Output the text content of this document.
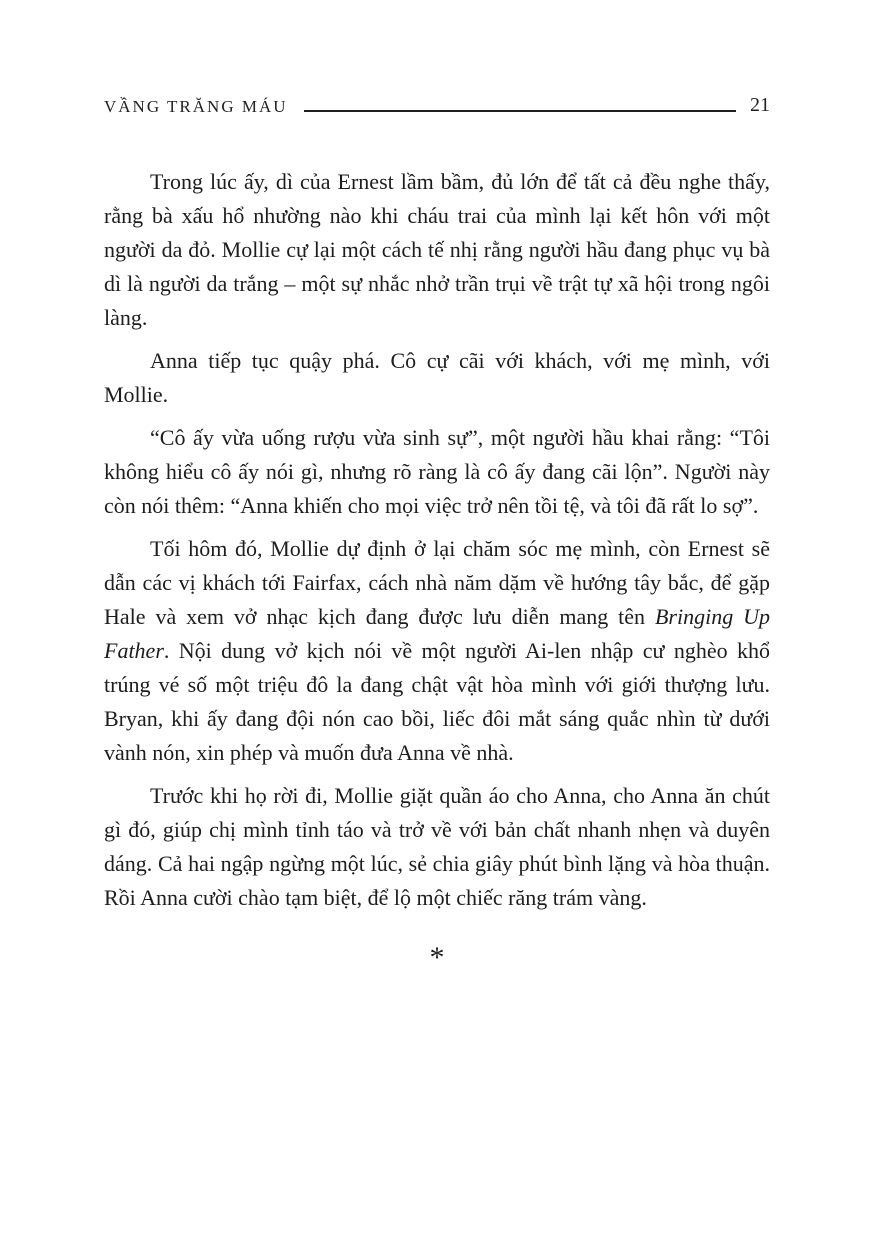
VẦNG TRĂNG MÁU	21

Trong lúc ấy, dì của Ernest lầm bầm, đủ lớn để tất cả đều nghe thấy, rằng bà xấu hổ nhường nào khi cháu trai của mình lại kết hôn với một người da đỏ. Mollie cự lại một cách tế nhị rằng người hầu đang phục vụ bà dì là người da trắng – một sự nhắc nhở trần trụi về trật tự xã hội trong ngôi làng.

Anna tiếp tục quậy phá. Cô cự cãi với khách, với mẹ mình, với Mollie.

“Cô ấy vừa uống rượu vừa sinh sự”, một người hầu khai rằng: “Tôi không hiểu cô ấy nói gì, nhưng rõ ràng là cô ấy đang cãi lộn”. Người này còn nói thêm: “Anna khiến cho mọi việc trở nên tồi tệ, và tôi đã rất lo sợ”.

Tối hôm đó, Mollie dự định ở lại chăm sóc mẹ mình, còn Ernest sẽ dẫn các vị khách tới Fairfax, cách nhà năm dặm về hướng tây bắc, để gặp Hale và xem vở nhạc kịch đang được lưu diễn mang tên Bringing Up Father. Nội dung vở kịch nói về một người Ai-len nhập cư nghèo khổ trúng vé số một triệu đô la đang chật vật hòa mình với giới thượng lưu. Bryan, khi ấy đang đội nón cao bồi, liếc đôi mắt sáng quắc nhìn từ dưới vành nón, xin phép và muốn đưa Anna về nhà.

Trước khi họ rời đi, Mollie giặt quần áo cho Anna, cho Anna ăn chút gì đó, giúp chị mình tỉnh táo và trở về với bản chất nhanh nhẹn và duyên dáng. Cả hai ngập ngừng một lúc, sẻ chia giây phút bình lặng và hòa thuận. Rồi Anna cười chào tạm biệt, để lộ một chiếc răng trám vàng.

*
